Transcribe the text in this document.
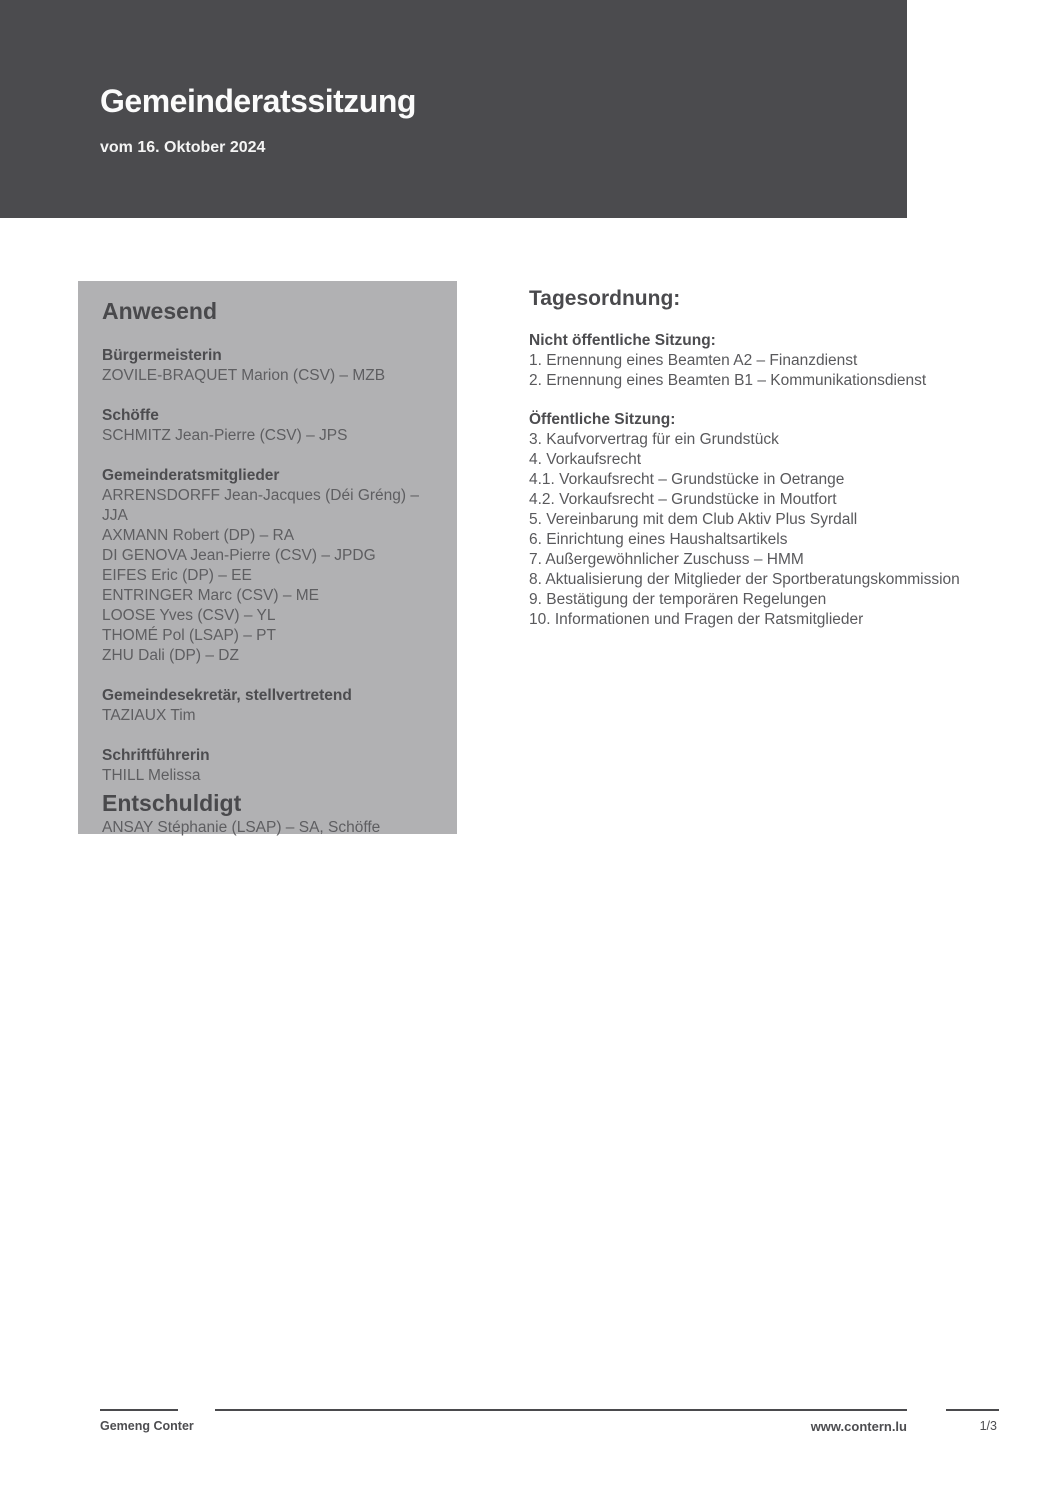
Gemeinderatssitzung

vom 16. Oktober 2024

Anwesend
Bürgermeisterin
ZOVILE-BRAQUET Marion (CSV) – MZB
Schöffe
SCHMITZ Jean-Pierre (CSV) – JPS
Gemeinderatsmitglieder
ARRENSDORFF Jean-Jacques (Déi Gréng) – JJA
AXMANN Robert (DP) – RA
DI GENOVA Jean-Pierre (CSV) – JPDG
EIFES Eric (DP) – EE
ENTRINGER Marc (CSV) – ME
LOOSE Yves (CSV) – YL
THOMÉ Pol (LSAP) – PT
ZHU Dali (DP) – DZ
Gemeindesekretär, stellvertretend
TAZIAUX Tim
Schriftführerin
THILL Melissa
Entschuldigt
ANSAY Stéphanie (LSAP) – SA, Schöffe
Tagesordnung:
Nicht öffentliche Sitzung:
1. Ernennung eines Beamten A2 – Finanzdienst
2. Ernennung eines Beamten B1 – Kommunikationsdienst
Öffentliche Sitzung:
3. Kaufvorvertrag für ein Grundstück
4. Vorkaufsrecht
4.1. Vorkaufsrecht – Grundstücke in Oetrange
4.2. Vorkaufsrecht – Grundstücke in Moutfort
5. Vereinbarung mit dem Club Aktiv Plus Syrdall
6. Einrichtung eines Haushaltsartikels
7. Außergewöhnlicher Zuschuss – HMM
8. Aktualisierung der Mitglieder der Sportberatungskommission
9. Bestätigung der temporären Regelungen
10. Informationen und Fragen der Ratsmitglieder
Gemeng Conter	www.contern.lu	1/3
